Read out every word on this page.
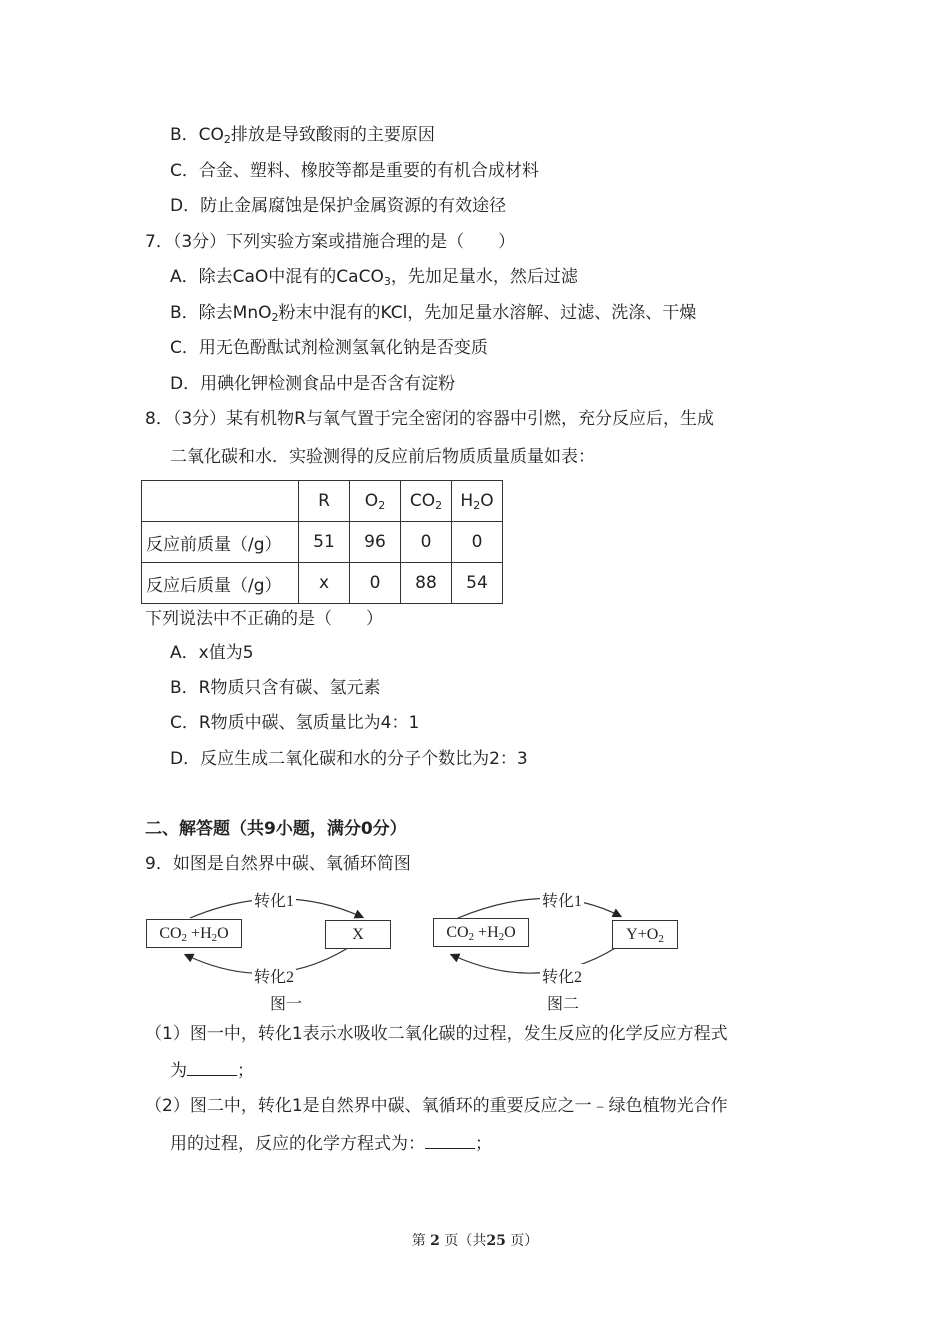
B．$CO_2$排放是导致酸雨的主要原因
C．合金、塑料、橡胶等都是重要的有机合成材料
D．防止金属腐蚀是保护金属资源的有效途径
7．（3分）下列实验方案或措施合理的是（　　）
A．除去CaO中混有的CaCO$_3$，先加足量水，然后过滤
B．除去MnO$_2$粉末中混有的KCl，先加足量水溶解、过滤、洗涤、干燥
C．用无色酚酞试剂检测氢氧化钠是否变质
D．用碘化钾检测食品中是否含有淀粉
8．（3分）某有机物R与氧气置于完全密闭的容器中引燃，充分反应后，生成
二氧化碳和水．实验测得的反应前后物质质量质量如表：
	R	$O_2$	$CO_2$	$H_2O$
反应前质量（/g）	51	96	0	0
反应后质量（/g）	x	0	88	54
下列说法中不正确的是（　　）
A．x值为5
B．R物质只含有碳、氢元素
C．R物质中碳、氢质量比为4：1
D．反应生成二氧化碳和水的分子个数比为2：3
二、解答题（共9小题，满分0分）
9．如图是自然界中碳、氧循环简图
$CO_2 +H_2O$	X
转化1
转化2
图一
$CO_2 +H_2O$	$Y+O_2$
转化1
转化2
图二
（1）图一中，转化1表示水吸收二氧化碳的过程，发生反应的化学反应方程式
为	；
（2）图二中，转化1是自然界中碳、氧循环的重要反应之一﹣绿色植物光合作
用的过程，反应的化学方程式为：	；
第 2 页（共25 页）
